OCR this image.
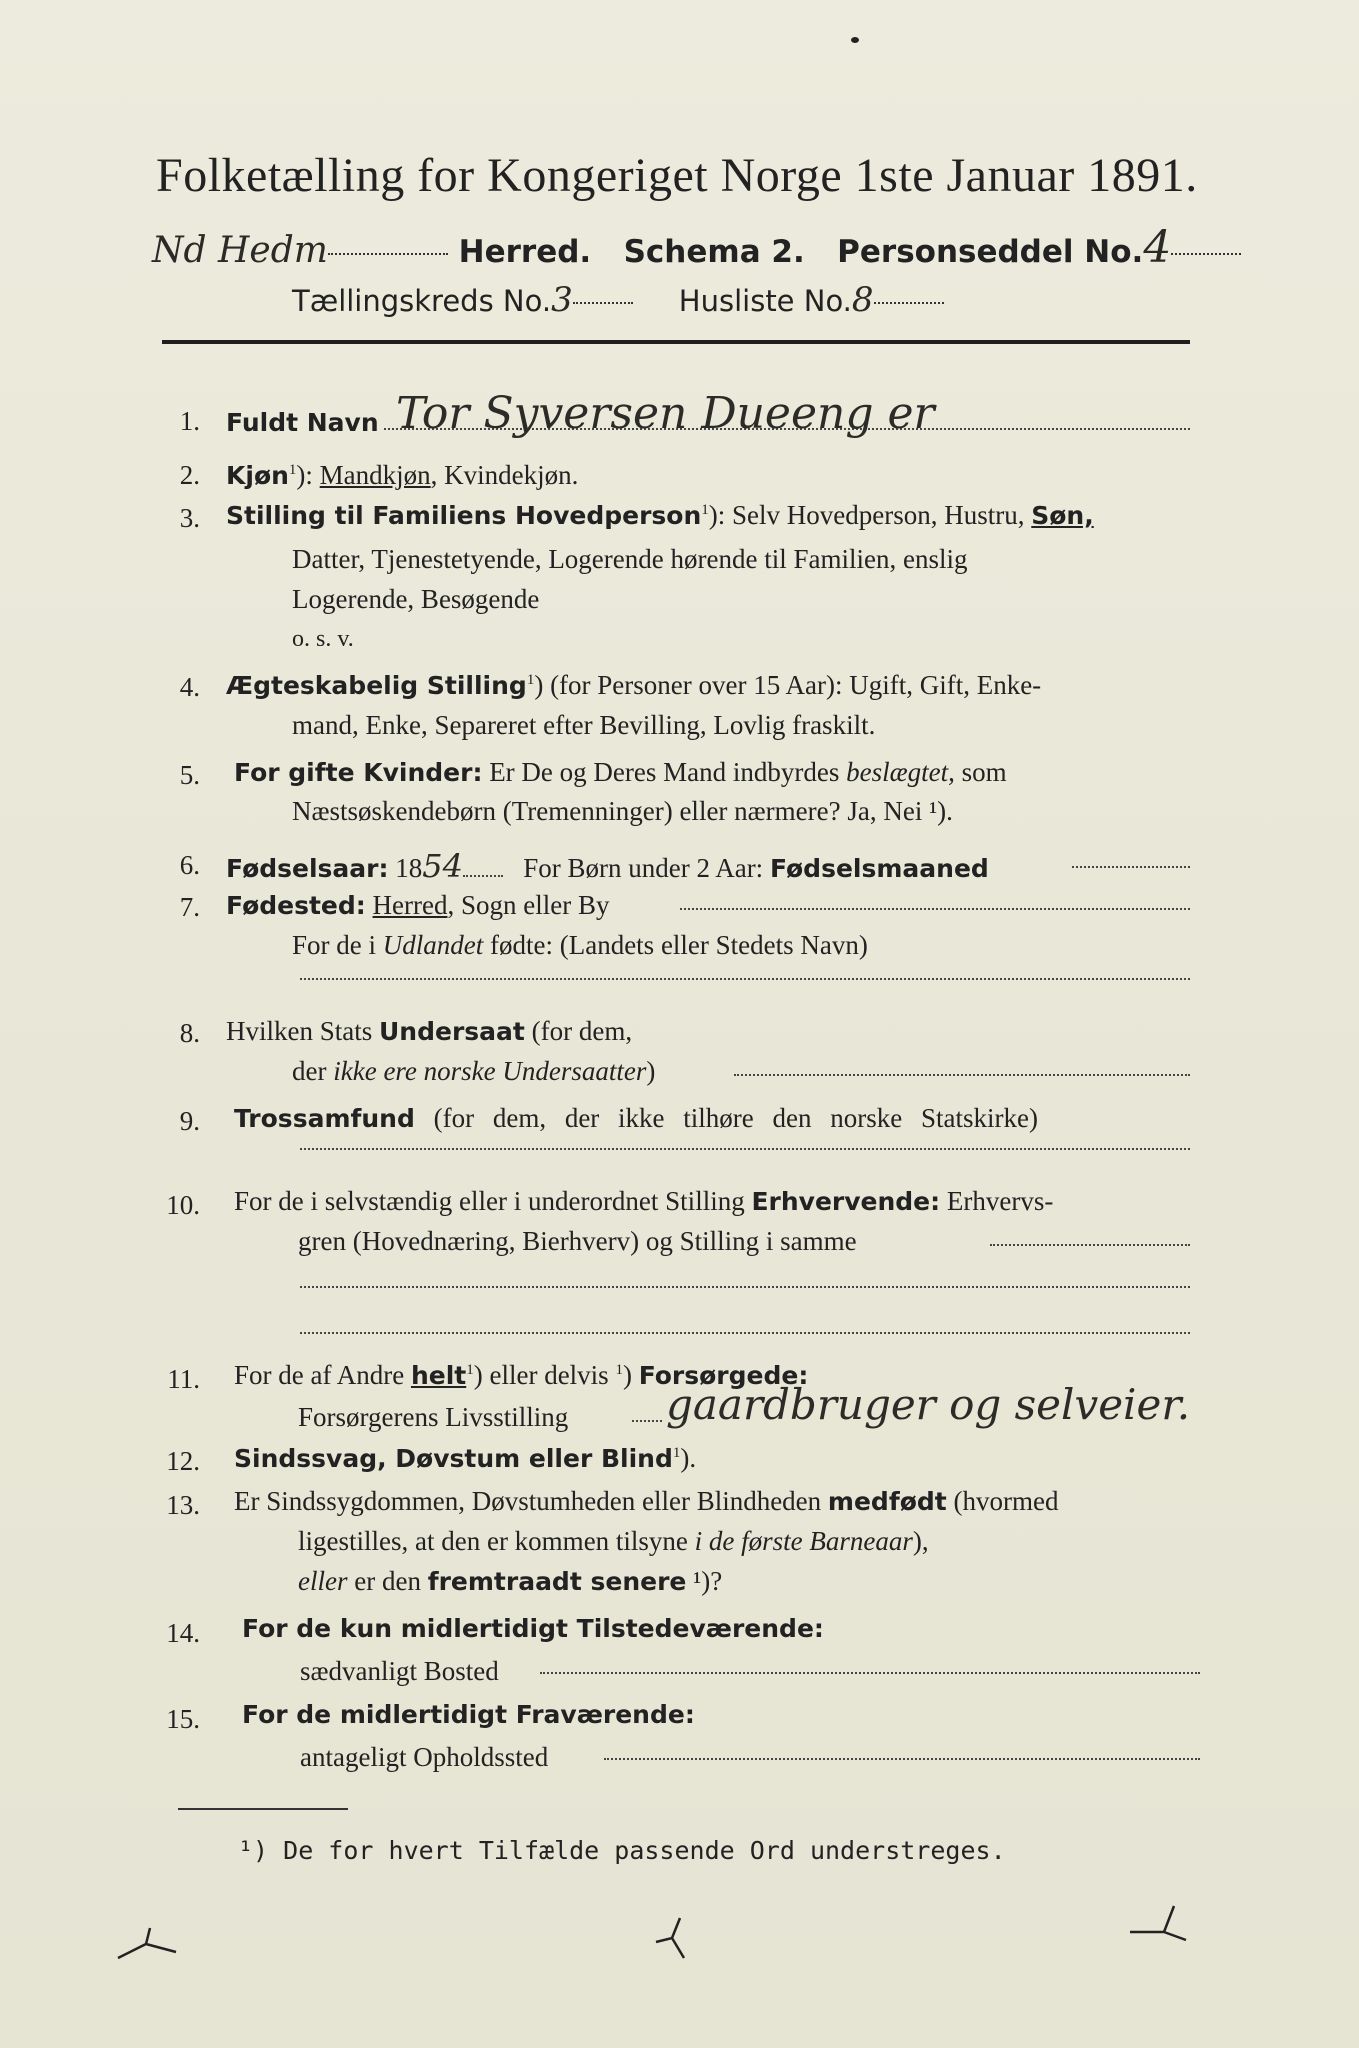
Folketælling for Kongeriget Norge 1ste Januar 1891.
Nd Hedm	Herred. Schema 2. Personseddel No.4
Tællingskreds No.3	Husliste No.8
1. Fuldt Navn Tor Syversen Dueeng er
2. Kjøn$^1$): Mandkjøn, Kvindekjøn.
3. Stilling til Familiens Hovedperson$^1$): Selv Hovedperson, Hustru, Søn,
Datter, Tjenestetyende, Logerende hørende til Familien, enslig
Logerende, Besøgende
o. s. v.
4. Ægteskabelig Stilling$^1$) (for Personer over 15 Aar): Ugift, Gift, Enke-
mand, Enke, Separeret efter Bevilling, Lovlig fraskilt.
5. For gifte Kvinder: Er De og Deres Mand indbyrdes beslægtet, som
Næstsøskendebørn (Tremenninger) eller nærmere? Ja, Nei ¹).
6. Fødselsaar: 1854 For Børn under 2 Aar: Fødselsmaaned
7. Fødested: Herred, Sogn eller By
For de i Udlandet fødte: (Landets eller Stedets Navn)
8. Hvilken Stats Undersaat (for dem,
der ikke ere norske Undersaatter)
9. Trossamfund (for dem, der ikke tilhøre den norske Statskirke)
10. For de i selvstændig eller i underordnet Stilling Erhvervende: Erhvervs-
gren (Hovednæring, Bierhverv) og Stilling i samme
11. For de af Andre helt$^1$) eller delvis $^1$) Forsørgede:
Forsørgerens Livsstilling gaardbruger og selveier.
12. Sindssvag, Døvstum eller Blind$^1$).
13. Er Sindssygdommen, Døvstumheden eller Blindheden medfødt (hvormed
ligestilles, at den er kommen tilsyne i de første Barneaar),
eller er den fremtraadt senere ¹)?
14. For de kun midlertidigt Tilstedeværende:
sædvanligt Bosted
15. For de midlertidigt Fraværende:
antageligt Opholdssted
¹) De for hvert Tilfælde passende Ord understreges.
